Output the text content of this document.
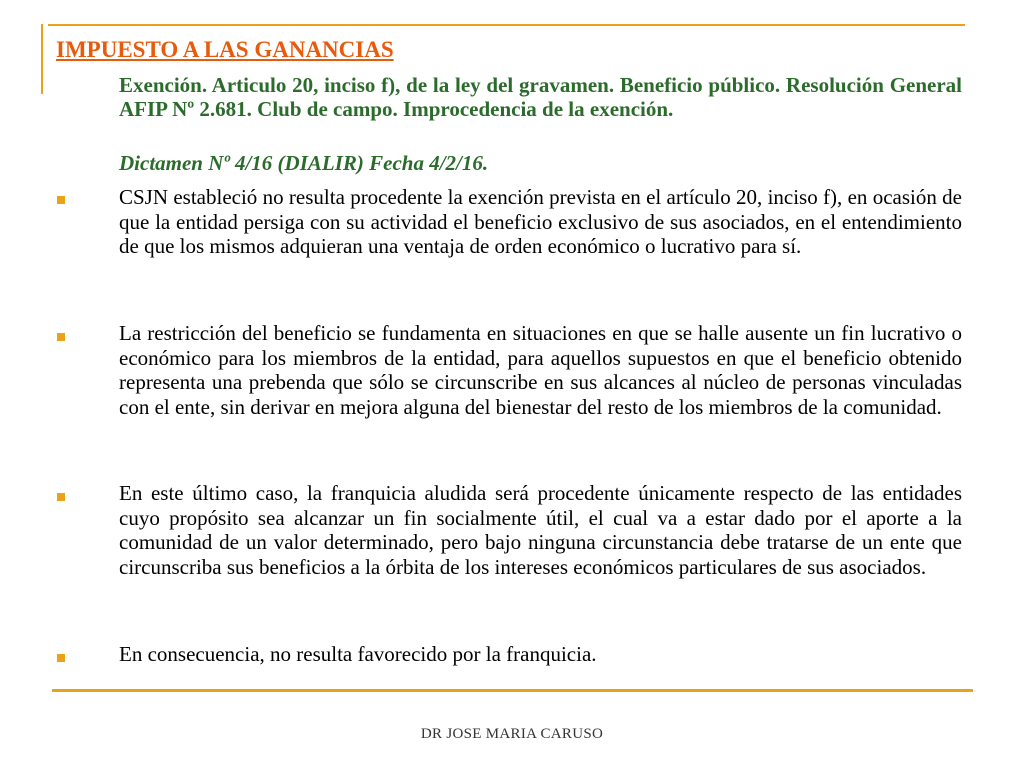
IMPUESTO A LAS GANANCIAS
Exención. Articulo 20, inciso f), de la ley del gravamen. Beneficio público. Resolución General AFIP Nº 2.681. Club de campo. Improcedencia de la exención.
Dictamen Nº 4/16 (DIALIR) Fecha 4/2/16.
CSJN estableció no resulta procedente la exención prevista en el artículo 20, inciso f), en ocasión de que la entidad persiga con su actividad el beneficio exclusivo de sus asociados, en el entendimiento de que los mismos adquieran una ventaja de orden económico o lucrativo para sí.
La restricción del beneficio se fundamenta en situaciones en que se halle ausente un fin lucrativo o económico para los miembros de la entidad, para aquellos supuestos en que el beneficio obtenido representa una prebenda que sólo se circunscribe en sus alcances al núcleo de personas vinculadas con el ente, sin derivar en mejora alguna del bienestar del resto de los miembros de la comunidad.
En este último caso, la franquicia aludida será procedente únicamente respecto de las entidades cuyo propósito sea alcanzar un fin socialmente útil, el cual va a estar dado por el aporte a la comunidad de un valor determinado, pero bajo ninguna circunstancia debe tratarse de un ente que circunscriba sus beneficios a la órbita de los intereses económicos particulares de sus asociados.
En consecuencia, no resulta favorecido por la franquicia.
DR JOSE MARIA CARUSO
